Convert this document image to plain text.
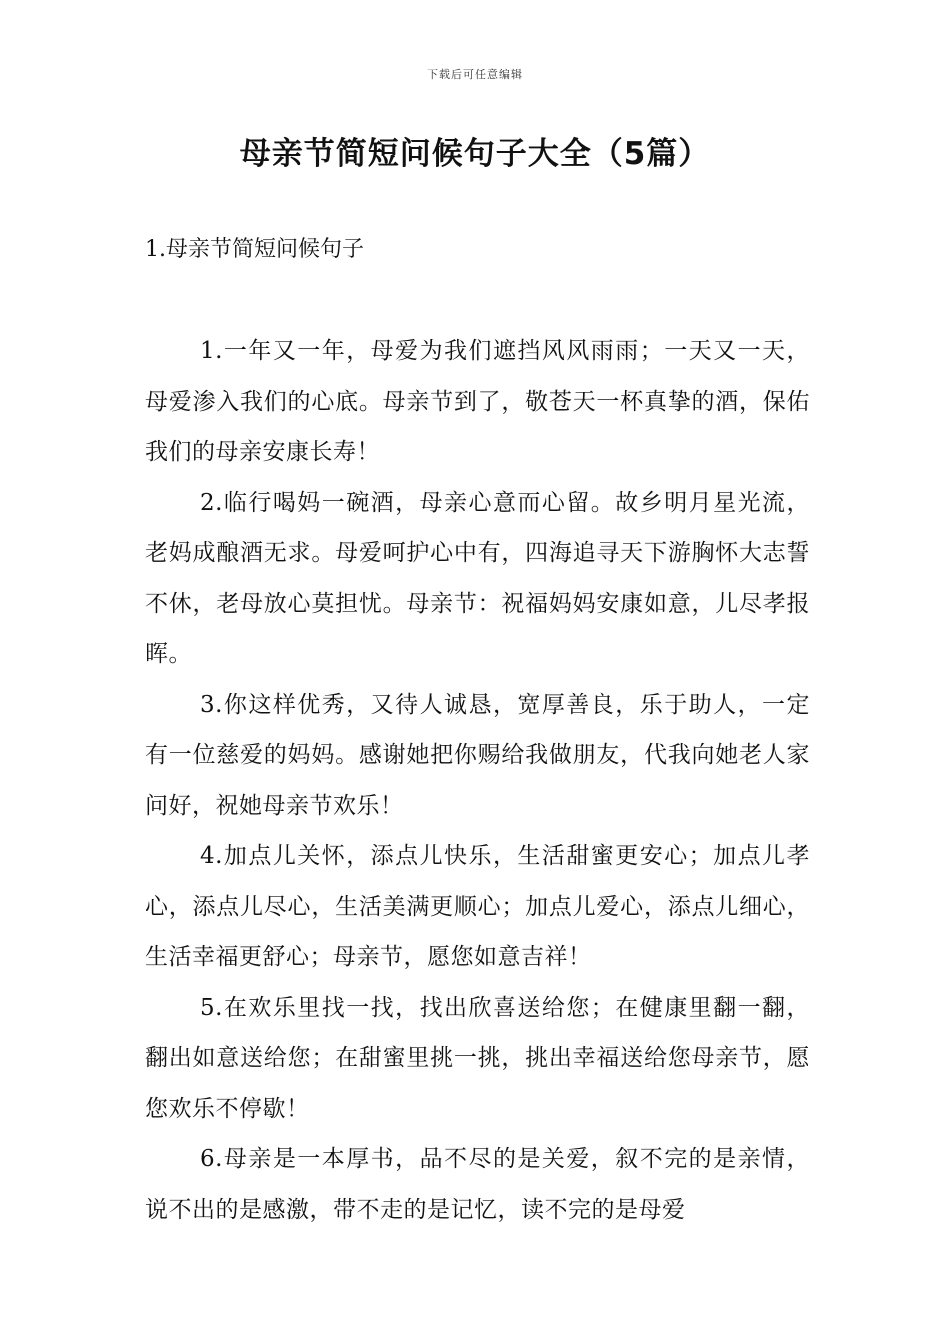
下载后可任意编辑
母亲节简短问候句子大全（5篇）
1.母亲节简短问候句子

1.一年又一年，母爱为我们遮挡风风雨雨；一天又一天，母爱渗入我们的心底。母亲节到了，敬苍天一杯真挚的酒，保佑我们的母亲安康长寿！

2.临行喝妈一碗酒，母亲心意而心留。故乡明月星光流，老妈成酿酒无求。母爱呵护心中有，四海追寻天下游胸怀大志誓不休，老母放心莫担忧。母亲节：祝福妈妈安康如意，儿尽孝报晖。

3.你这样优秀，又待人诚恳，宽厚善良，乐于助人，一定有一位慈爱的妈妈。感谢她把你赐给我做朋友，代我向她老人家问好，祝她母亲节欢乐！

4.加点儿关怀，添点儿快乐，生活甜蜜更安心；加点儿孝心，添点儿尽心，生活美满更顺心；加点儿爱心，添点儿细心，生活幸福更舒心；母亲节，愿您如意吉祥！

5.在欢乐里找一找，找出欣喜送给您；在健康里翻一翻，翻出如意送给您；在甜蜜里挑一挑，挑出幸福送给您母亲节，愿您欢乐不停歇！

6.母亲是一本厚书，品不尽的是关爱，叙不完的是亲情，说不出的是感激，带不走的是记忆，读不完的是母爱
